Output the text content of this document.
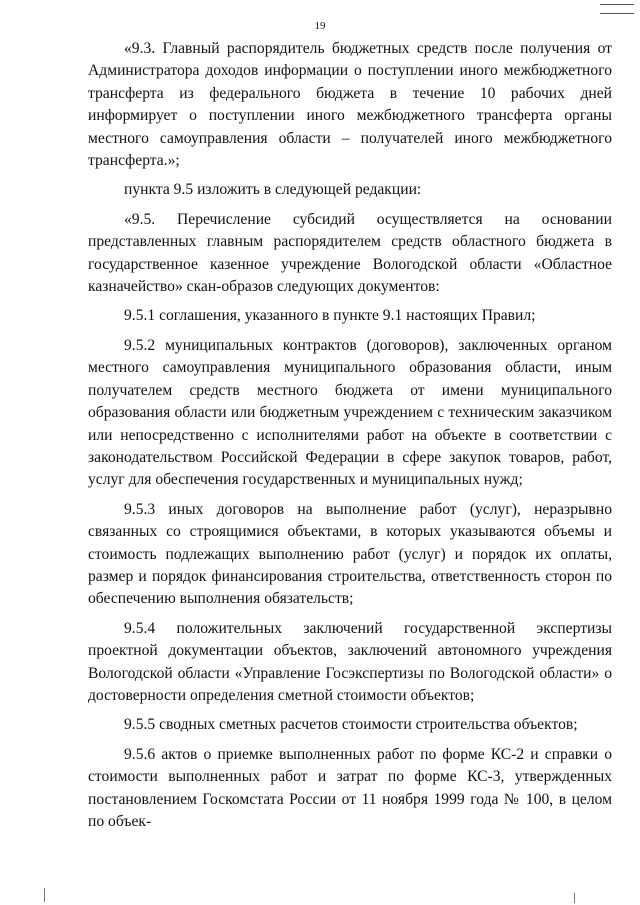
19

«9.3. Главный распорядитель бюджетных средств после получения от Администратора доходов информации о поступлении иного межбюджетного трансферта из федерального бюджета в течение 10 рабочих дней информирует о поступлении иного межбюджетного трансферта органы местного самоуправления области – получателей иного межбюджетного трансферта.»;

пункта 9.5 изложить в следующей редакции:

«9.5. Перечисление субсидий осуществляется на основании представленных главным распорядителем средств областного бюджета в государственное казенное учреждение Вологодской области «Областное казначейство» скан-образов следующих документов:

9.5.1 соглашения, указанного в пункте 9.1 настоящих Правил;

9.5.2 муниципальных контрактов (договоров), заключенных органом местного самоуправления муниципального образования области, иным получателем средств местного бюджета от имени муниципального образования области или бюджетным учреждением с техническим заказчиком или непосредственно с исполнителями работ на объекте в соответствии с законодательством Российской Федерации в сфере закупок товаров, работ, услуг для обеспечения государственных и муниципальных нужд;

9.5.3 иных договоров на выполнение работ (услуг), неразрывно связанных со строящимися объектами, в которых указываются объемы и стоимость подлежащих выполнению работ (услуг) и порядок их оплаты, размер и порядок финансирования строительства, ответственность сторон по обеспечению выполнения обязательств;

9.5.4 положительных заключений государственной экспертизы проектной документации объектов, заключений автономного учреждения Вологодской области «Управление Госэкспертизы по Вологодской области» о достоверности определения сметной стоимости объектов;

9.5.5 сводных сметных расчетов стоимости строительства объектов;

9.5.6 актов о приемке выполненных работ по форме КС-2 и справки о стоимости выполненных работ и затрат по форме КС-3, утвержденных постановлением Госкомстата России от 11 ноября 1999 года № 100, в целом по объек-
